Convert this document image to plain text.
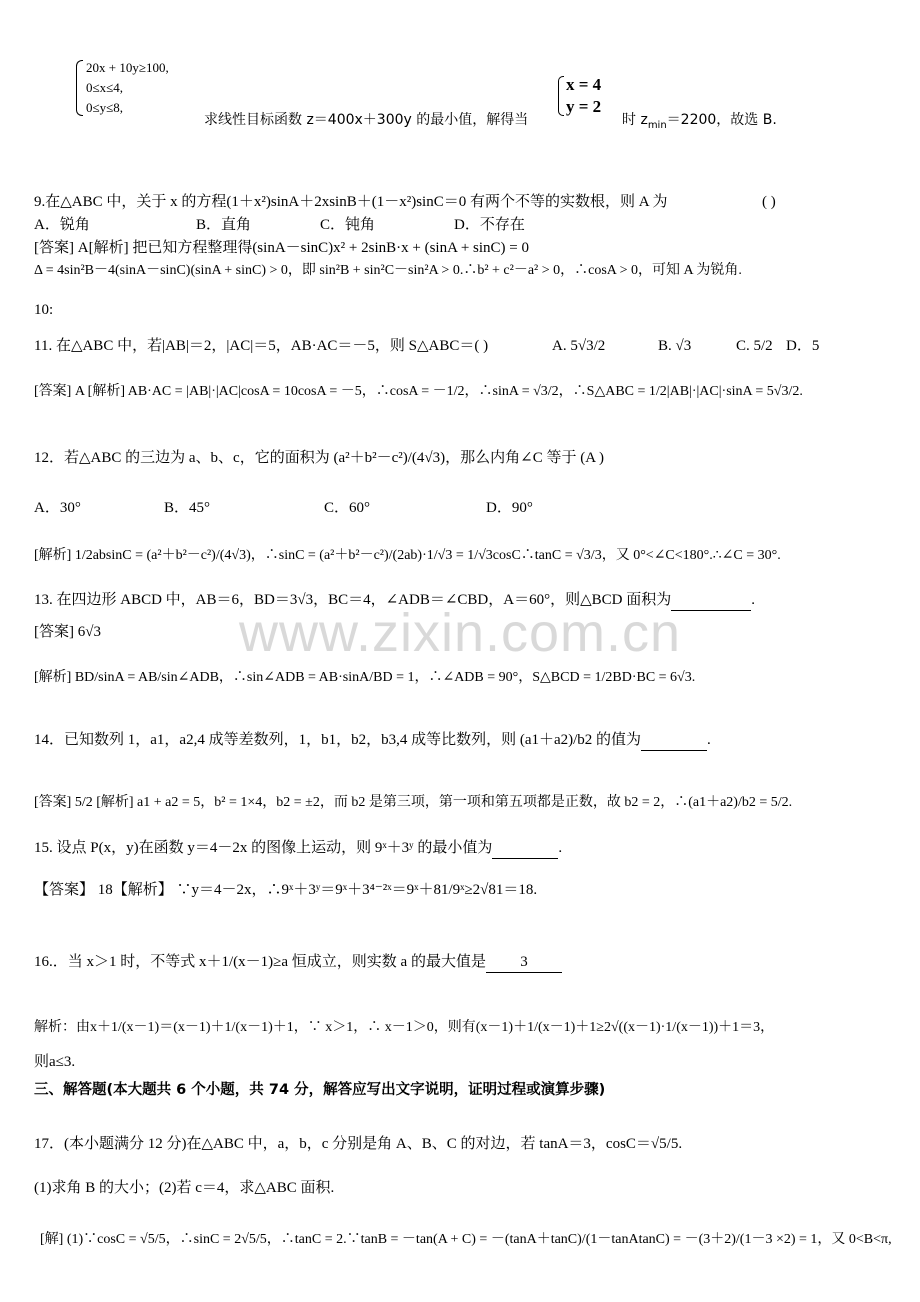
www.zixin.com.cn
20x + 10y≥100,
0≤x≤4,
0≤y≤8,
求线性目标函数 z＝400x＋300y 的最小值，解得当
x = 4
y = 2
时 $z_{min}=2200$，故选 B.
9.在△ABC 中，关于 x 的方程(1＋x²)sinA＋2xsinB＋(1－x²)sinC＝0 有两个不等的实数根，则 A 为	( )
A．锐角	B．直角	C．钝角	D．不存在
[答案] A[解析] 把已知方程整理得(sinA－sinC)x² + 2sinB·x + (sinA + sinC) = 0
Δ = 4sin²B－4(sinA－sinC)(sinA + sinC) > 0，即 sin²B + sin²C－sin²A > 0.∴b² + c²－a² > 0，∴cosA > 0，可知 A 为锐角.
10:
11. 在△ABC 中，若|AB|＝2，|AC|＝5，AB·AC＝－5，则 S△ABC＝( )	A. 5√3/2	B. √3	C. 5/2 D．5
[答案] A [解析] AB·AC = |AB|·|AC|cosA = 10cosA = －5，∴cosA = －1/2，∴sinA = √3/2，∴S△ABC = 1/2|AB|·|AC|·sinA = 5√3/2.
12．若△ABC 的三边为 a、b、c，它的面积为 (a²＋b²－c²)/(4√3)，那么内角∠C 等于 (A )
A．30°	B．45°	C．60°	D．90°
[解析] 1/2absinC = (a²＋b²－c²)/(4√3)，∴sinC = (a²＋b²－c²)/(2ab)·1/√3 = 1/√3cosC∴tanC = √3/3，又 0°<∠C<180°.∴∠C = 30°.
13. 在四边形 ABCD 中，AB＝6，BD＝3√3，BC＝4，∠ADB＝∠CBD，A＝60°，则△BCD 面积为	.
[答案] 6√3
[解析] BD/sinA = AB/sin∠ADB，∴sin∠ADB = AB·sinA/BD = 1，∴∠ADB = 90°，S△BCD = 1/2BD·BC = 6√3.
14．已知数列 1，a1，a2,4 成等差数列，1，b1，b2，b3,4 成等比数列，则 (a1＋a2)/b2 的值为	.
[答案] 5/2 [解析] a1 + a2 = 5，b² = 1×4，b2 = ±2，而 b2 是第三项，第一项和第五项都是正数，故 b2 = 2，∴(a1＋a2)/b2 = 5/2.
15. 设点 P(x，y)在函数 y＝4－2x 的图像上运动，则 9ˣ＋3ʸ 的最小值为	.
【答案】 18【解析】 ∵y＝4－2x，∴9ˣ＋3ʸ＝9ˣ＋3⁴⁻²ˣ＝9ˣ＋81/9ˣ≥2√81＝18.
16.．当 x＞1 时，不等式 x＋1/(x－1)≥a 恒成立，则实数 a 的最大值是 3
解析：由x＋1/(x－1)＝(x－1)＋1/(x－1)＋1，∵ x＞1，∴ x－1＞0，则有(x－1)＋1/(x－1)＋1≥2√((x－1)·1/(x－1))＋1＝3，
则a≤3.
三、解答题(本大题共 6 个小题，共 74 分，解答应写出文字说明，证明过程或演算步骤)
17．(本小题满分 12 分)在△ABC 中，a，b，c 分别是角 A、B、C 的对边，若 tanA＝3，cosC＝√5/5.
(1)求角 B 的大小；(2)若 c＝4，求△ABC 面积.
[解] (1)∵cosC = √5/5，∴sinC = 2√5/5，∴tanC = 2.∵tanB = －tan(A + C) = －(tanA＋tanC)/(1－tanAtanC) = －(3＋2)/(1－3 ×2) = 1，又 0<B<π,
